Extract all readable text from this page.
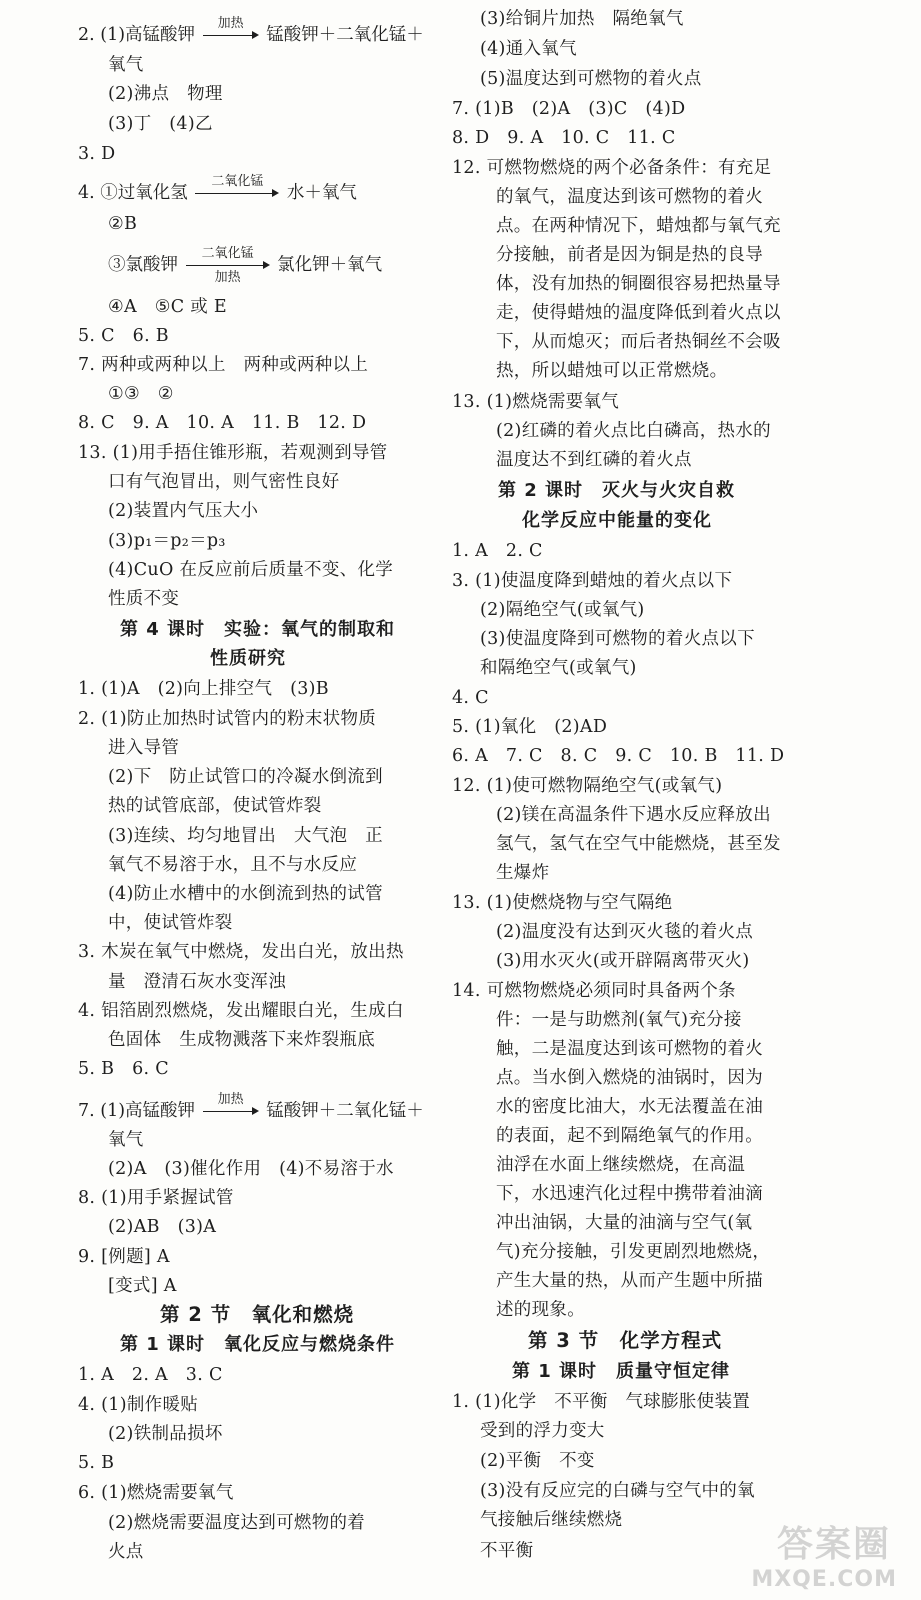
2. (1)高锰酸钾
加热
锰酸钾＋二氧化锰＋
氧气
(2)沸点　物理
(3)丁　(4)乙
3. D
4. ①过氧化氢
二氧化锰
水＋氧气
②B
③氯酸钾
二氧化锰
加热
氯化钾＋氧气
④A　⑤C 或 E
5. C　6. B
7. 两种或两种以上　两种或两种以上
①③　②
8. C　9. A　10. A　11. B　12. D
13. (1)用手捂住锥形瓶，若观测到导管
口有气泡冒出，则气密性良好
(2)装置内气压大小
(3)p₁＝p₂＝p₃
(4)CuO 在反应前后质量不变、化学
性质不变
第 4 课时　实验：氧气的制取和
性质研究
1. (1)A　(2)向上排空气　(3)B
2. (1)防止加热时试管内的粉末状物质
进入导管
(2)下　防止试管口的冷凝水倒流到
热的试管底部，使试管炸裂
(3)连续、均匀地冒出　大气泡　正
氧气不易溶于水，且不与水反应
(4)防止水槽中的水倒流到热的试管
中，使试管炸裂
3. 木炭在氧气中燃烧，发出白光，放出热
量　澄清石灰水变浑浊
4. 铝箔剧烈燃烧，发出耀眼白光，生成白
色固体　生成物溅落下来炸裂瓶底
5. B　6. C
7. (1)高锰酸钾
加热
锰酸钾＋二氧化锰＋
氧气
(2)A　(3)催化作用　(4)不易溶于水
8. (1)用手紧握试管
(2)AB　(3)A
9. [例题] A
[变式] A
第 2 节　氧化和燃烧
第 1 课时　氧化反应与燃烧条件
1. A　2. A　3. C
4. (1)制作暖贴
(2)铁制品损坏
5. B
6. (1)燃烧需要氧气
(2)燃烧需要温度达到可燃物的着
火点
(3)给铜片加热　隔绝氧气
(4)通入氧气
(5)温度达到可燃物的着火点
7. (1)B　(2)A　(3)C　(4)D
8. D　9. A　10. C　11. C
12. 可燃物燃烧的两个必备条件：有充足
的氧气，温度达到该可燃物的着火
点。在两种情况下，蜡烛都与氧气充
分接触，前者是因为铜是热的良导
体，没有加热的铜圈很容易把热量导
走，使得蜡烛的温度降低到着火点以
下，从而熄灭；而后者热铜丝不会吸
热，所以蜡烛可以正常燃烧。
13. (1)燃烧需要氧气
(2)红磷的着火点比白磷高，热水的
温度达不到红磷的着火点
第 2 课时　灭火与火灾自救
化学反应中能量的变化
1. A　2. C
3. (1)使温度降到蜡烛的着火点以下
(2)隔绝空气(或氧气)
(3)使温度降到可燃物的着火点以下
和隔绝空气(或氧气)
4. C
5. (1)氧化　(2)AD
6. A　7. C　8. C　9. C　10. B　11. D
12. (1)使可燃物隔绝空气(或氧气)
(2)镁在高温条件下遇水反应释放出
氢气，氢气在空气中能燃烧，甚至发
生爆炸
13. (1)使燃烧物与空气隔绝
(2)温度没有达到灭火毯的着火点
(3)用水灭火(或开辟隔离带灭火)
14. 可燃物燃烧必须同时具备两个条
件：一是与助燃剂(氧气)充分接
触，二是温度达到该可燃物的着火
点。当水倒入燃烧的油锅时，因为
水的密度比油大，水无法覆盖在油
的表面，起不到隔绝氧气的作用。
油浮在水面上继续燃烧，在高温
下，水迅速汽化过程中携带着油滴
冲出油锅，大量的油滴与空气(氧
气)充分接触，引发更剧烈地燃烧，
产生大量的热，从而产生题中所描
述的现象。
第 3 节　化学方程式
第 1 课时　质量守恒定律
1. (1)化学　不平衡　气球膨胀使装置
受到的浮力变大
(2)平衡　不变
(3)没有反应完的白磷与空气中的氧
气接触后继续燃烧
不平衡	答案圈
MXQE.COM
